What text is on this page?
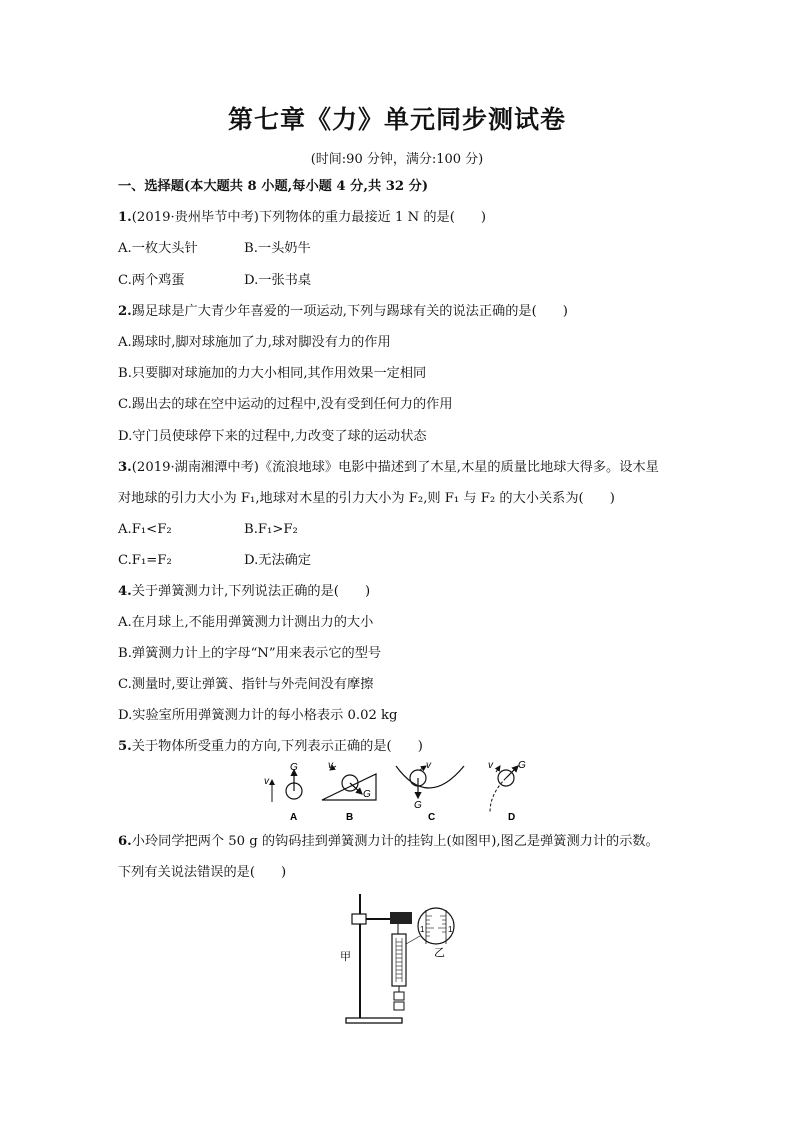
第七章《力》单元同步测试卷
(时间:90 分钟，满分:100 分)
一、选择题(本大题共 8 小题,每小题 4 分,共 32 分)
1.(2019·贵州毕节中考)下列物体的重力最接近 1 N 的是( )
A.一枚大头针	B.一头奶牛
C.两个鸡蛋	D.一张书桌
2.踢足球是广大青少年喜爱的一项运动,下列与踢球有关的说法正确的是( )
A.踢球时,脚对球施加了力,球对脚没有力的作用
B.只要脚对球施加的力大小相同,其作用效果一定相同
C.踢出去的球在空中运动的过程中,没有受到任何力的作用
D.守门员使球停下来的过程中,力改变了球的运动状态
3.(2019·湖南湘潭中考)《流浪地球》电影中描述到了木星,木星的质量比地球大得多。设木星
对地球的引力大小为 F₁,地球对木星的引力大小为 F₂,则 F₁ 与 F₂ 的大小关系为( )
A.F₁<F₂	B.F₁>F₂
C.F₁=F₂	D.无法确定
4.关于弹簧测力计,下列说法正确的是( )
A.在月球上,不能用弹簧测力计测出力的大小
B.弹簧测力计上的字母“N”用来表示它的型号
C.测量时,要让弹簧、指针与外壳间没有摩擦
D.实验室所用弹簧测力计的每小格表示 0.02 kg
5.关于物体所受重力的方向,下列表示正确的是( )
G
v
A
G
v
B
G
v
C
G
v
D
6.小玲同学把两个 50 g 的钩码挂到弹簧测力计的挂钩上(如图甲),图乙是弹簧测力计的示数。
下列有关说法错误的是( )
1	1
甲	乙
